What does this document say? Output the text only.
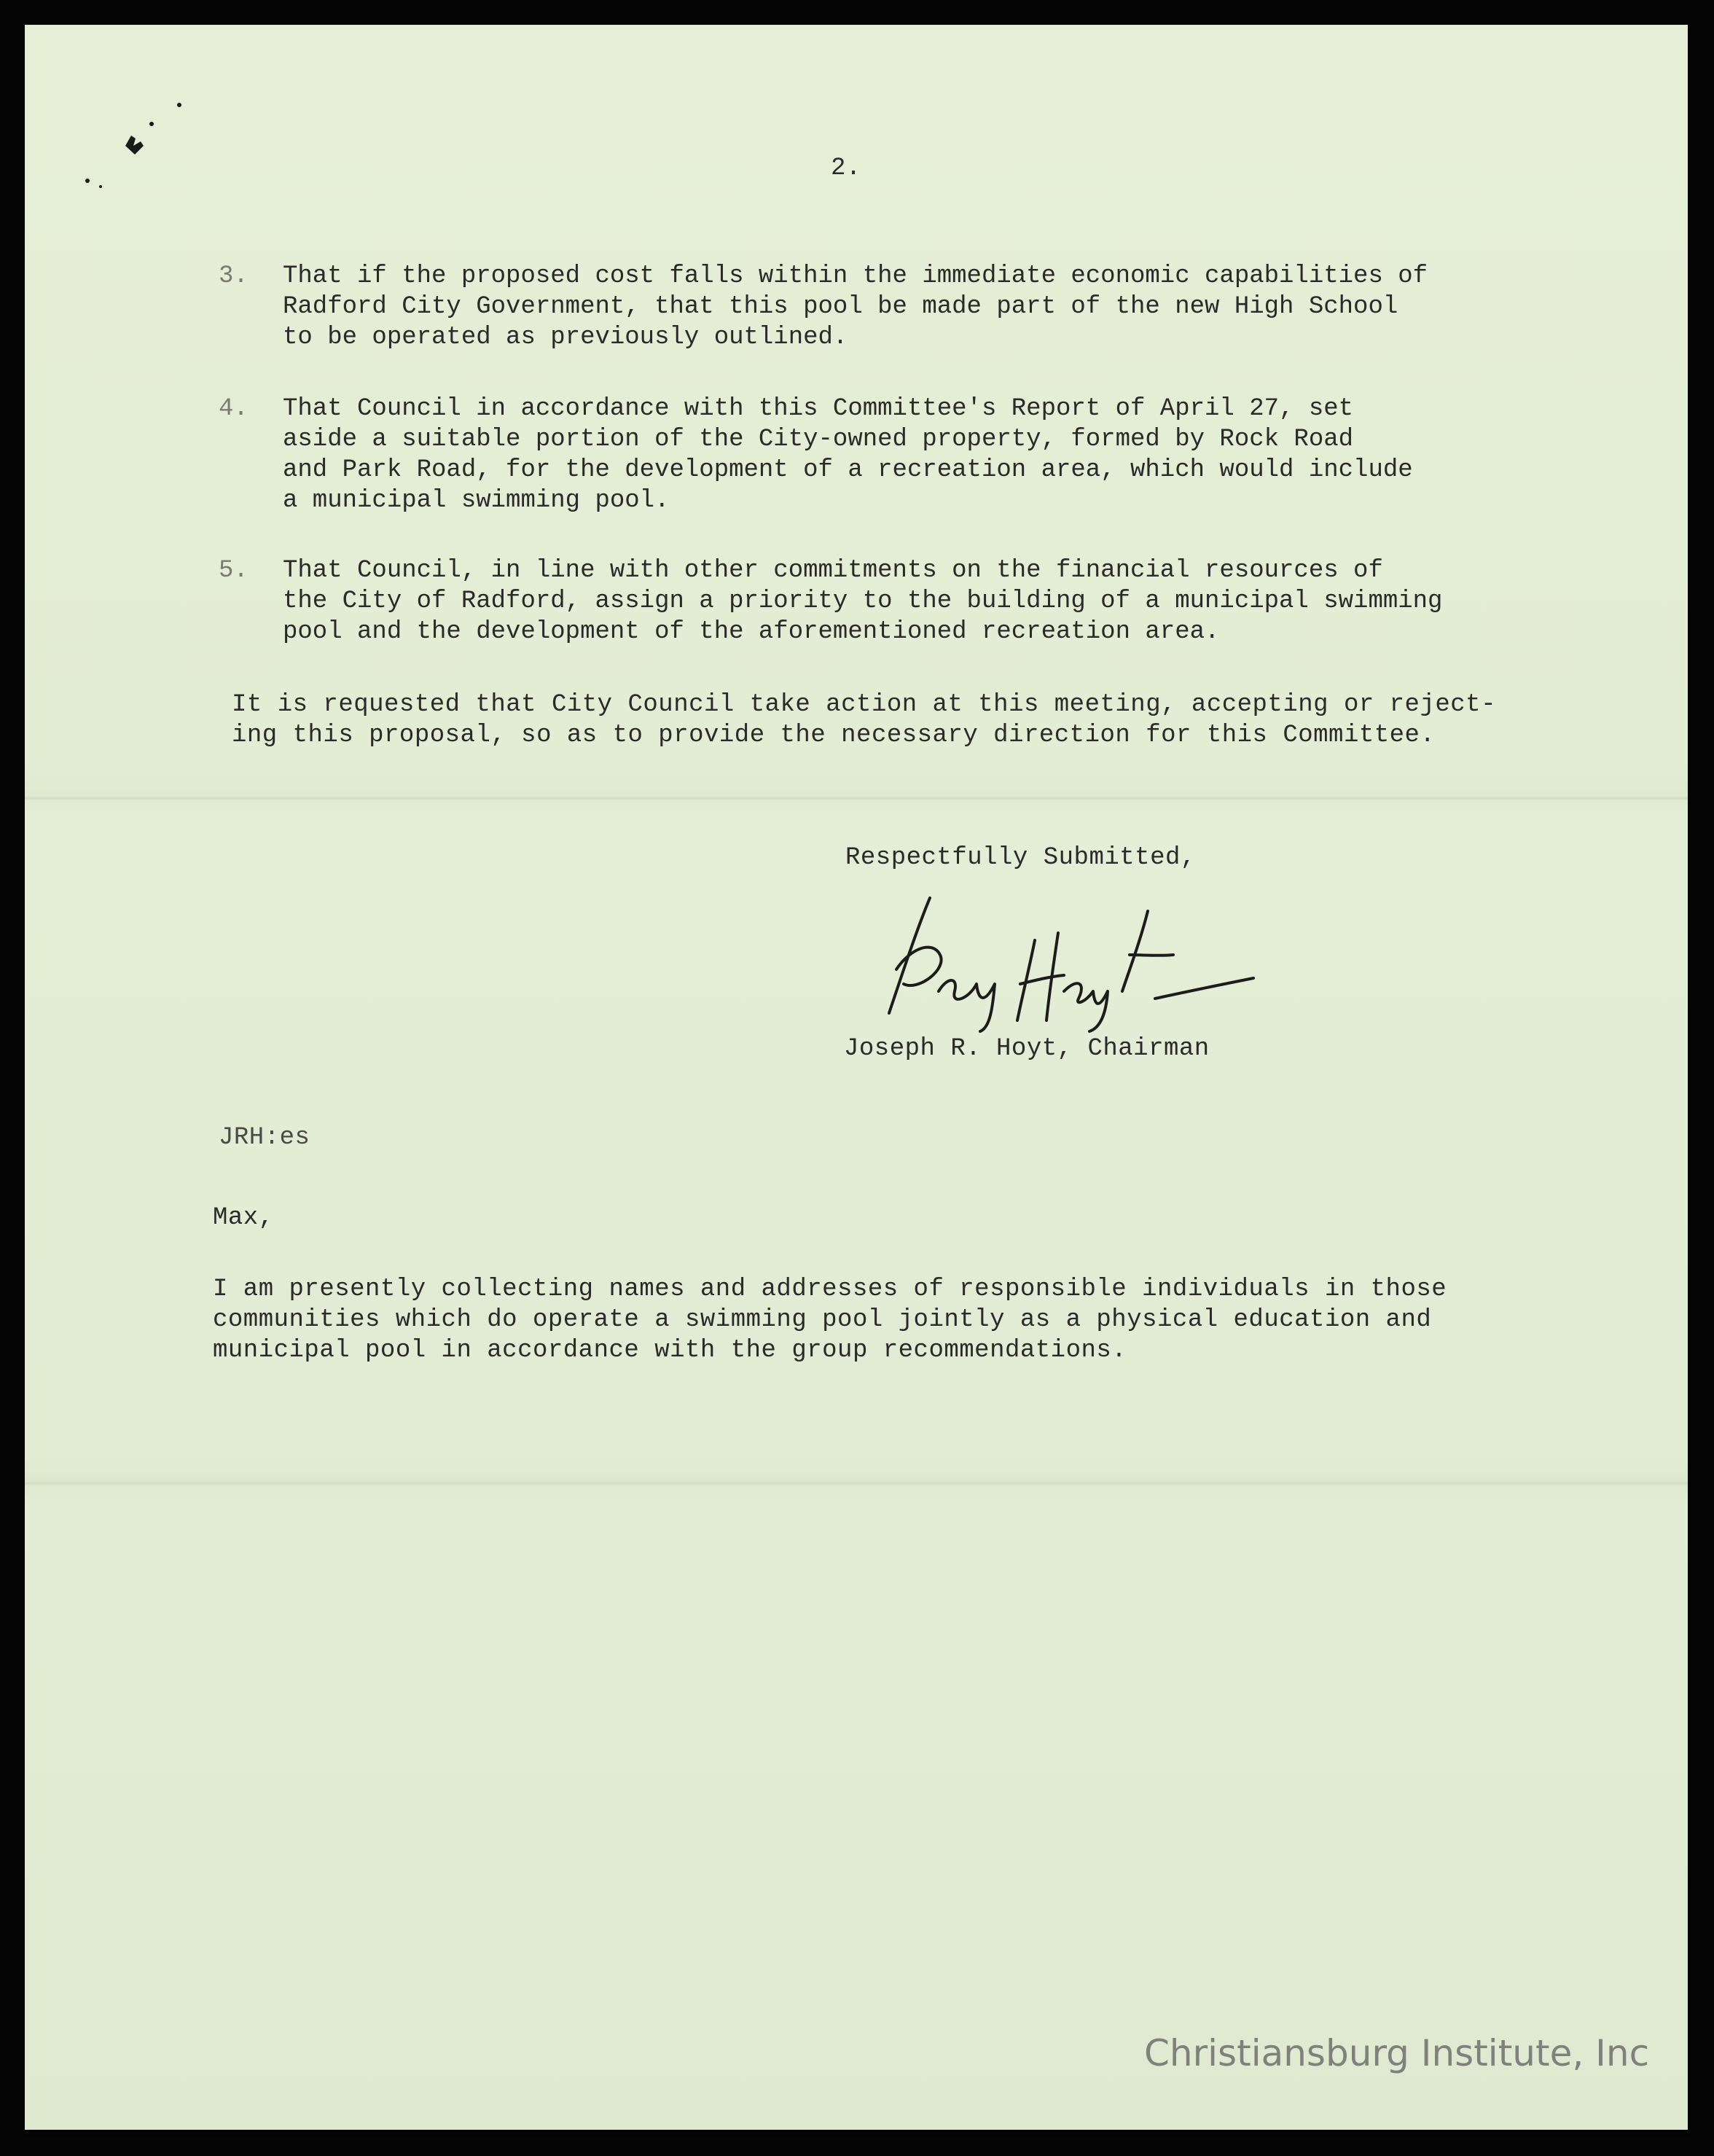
2.
3.	That if the proposed cost falls within the immediate economic capabilities of
Radford City Government, that this pool be made part of the new High School
to be operated as previously outlined.
4.	That Council in accordance with this Committee's Report of April 27, set
aside a suitable portion of the City-owned property, formed by Rock Road
and Park Road, for the development of a recreation area, which would include
a municipal swimming pool.
5.	That Council, in line with other commitments on the financial resources of
the City of Radford, assign a priority to the building of a municipal swimming
pool and the development of the aforementioned recreation area.
It is requested that City Council take action at this meeting, accepting or reject-
ing this proposal, so as to provide the necessary direction for this Committee.
Respectfully Submitted,
Joseph R. Hoyt, Chairman
JRH:es
Max,
I am presently collecting names and addresses of responsible individuals in those
communities which do operate a swimming pool jointly as a physical education and
municipal pool in accordance with the group recommendations.
Christiansburg Institute, Inc
